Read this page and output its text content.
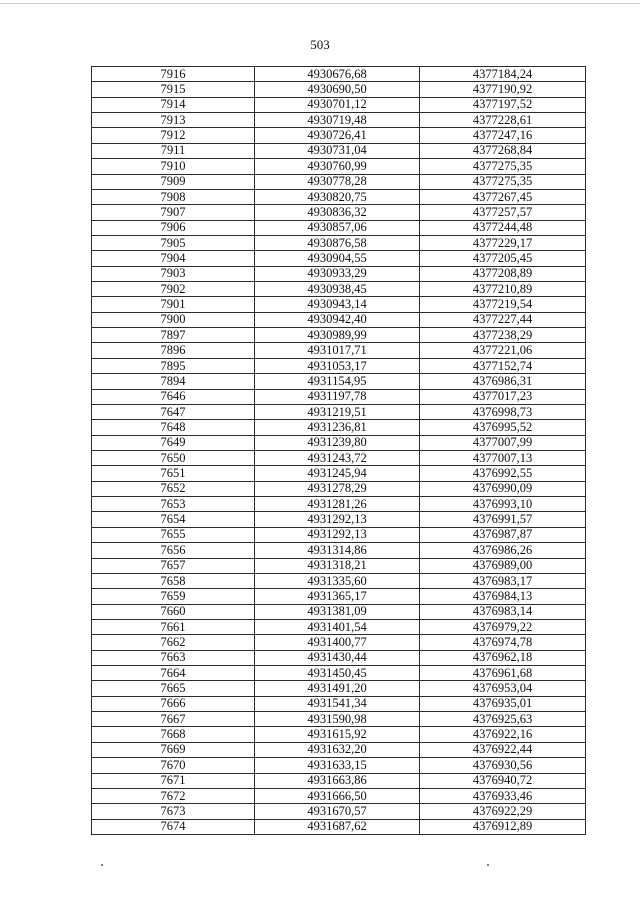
503
7916	4930676,68	4377184,24
7915	4930690,50	4377190,92
7914	4930701,12	4377197,52
7913	4930719,48	4377228,61
7912	4930726,41	4377247,16
7911	4930731,04	4377268,84
7910	4930760,99	4377275,35
7909	4930778,28	4377275,35
7908	4930820,75	4377267,45
7907	4930836,32	4377257,57
7906	4930857,06	4377244,48
7905	4930876,58	4377229,17
7904	4930904,55	4377205,45
7903	4930933,29	4377208,89
7902	4930938,45	4377210,89
7901	4930943,14	4377219,54
7900	4930942,40	4377227,44
7897	4930989,99	4377238,29
7896	4931017,71	4377221,06
7895	4931053,17	4377152,74
7894	4931154,95	4376986,31
7646	4931197,78	4377017,23
7647	4931219,51	4376998,73
7648	4931236,81	4376995,52
7649	4931239,80	4377007,99
7650	4931243,72	4377007,13
7651	4931245,94	4376992,55
7652	4931278,29	4376990,09
7653	4931281,26	4376993,10
7654	4931292,13	4376991,57
7655	4931292,13	4376987,87
7656	4931314,86	4376986,26
7657	4931318,21	4376989,00
7658	4931335,60	4376983,17
7659	4931365,17	4376984,13
7660	4931381,09	4376983,14
7661	4931401,54	4376979,22
7662	4931400,77	4376974,78
7663	4931430,44	4376962,18
7664	4931450,45	4376961,68
7665	4931491,20	4376953,04
7666	4931541,34	4376935,01
7667	4931590,98	4376925,63
7668	4931615,92	4376922,16
7669	4931632,20	4376922,44
7670	4931633,15	4376930,56
7671	4931663,86	4376940,72
7672	4931666,50	4376933,46
7673	4931670,57	4376922,29
7674	4931687,62	4376912,89
